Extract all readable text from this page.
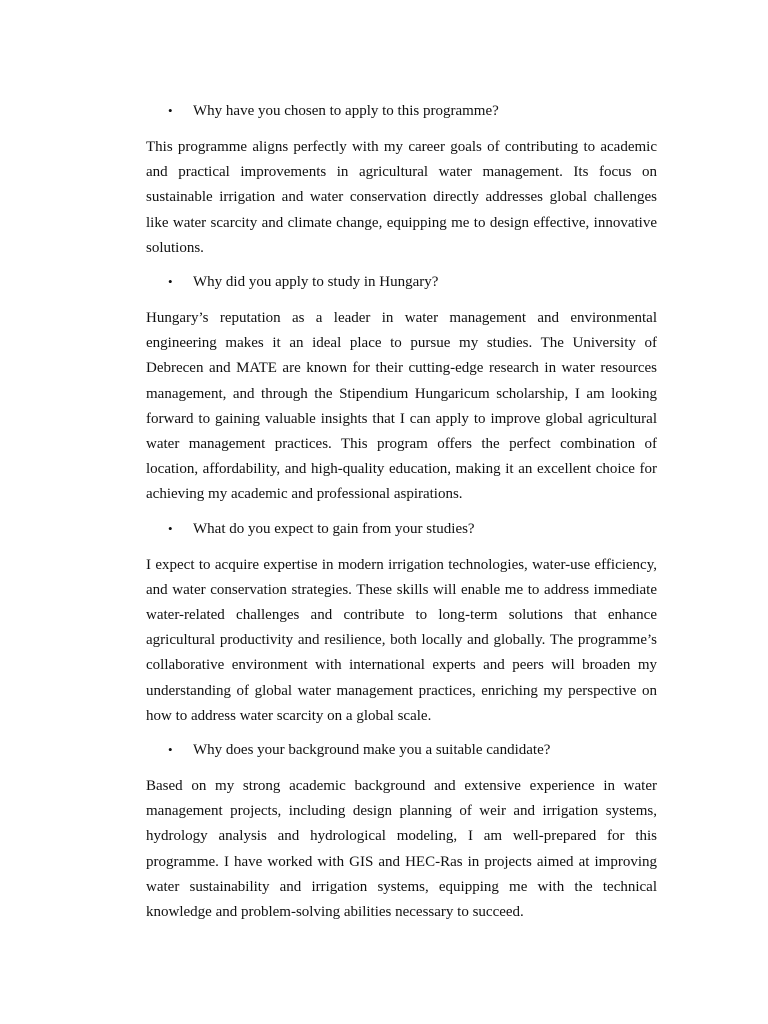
•	Why have you chosen to apply to this programme?

This programme aligns perfectly with my career goals of contributing to academic and practical improvements in agricultural water management. Its focus on sustainable irrigation and water conservation directly addresses global challenges like water scarcity and climate change, equipping me to design effective, innovative solutions.

•	Why did you apply to study in Hungary?

Hungary’s reputation as a leader in water management and environmental engineering makes it an ideal place to pursue my studies. The University of Debrecen and MATE are known for their cutting-edge research in water resources management, and through the Stipendium Hungaricum scholarship, I am looking forward to gaining valuable insights that I can apply to improve global agricultural water management practices. This program offers the perfect combination of location, affordability, and high-quality education, making it an excellent choice for achieving my academic and professional aspirations.

•	What do you expect to gain from your studies?

I expect to acquire expertise in modern irrigation technologies, water-use efficiency, and water conservation strategies. These skills will enable me to address immediate water-related challenges and contribute to long-term solutions that enhance agricultural productivity and resilience, both locally and globally. The programme’s collaborative environment with international experts and peers will broaden my understanding of global water management practices, enriching my perspective on how to address water scarcity on a global scale.

•	Why does your background make you a suitable candidate?

Based on my strong academic background and extensive experience in water management projects, including design planning of weir and irrigation systems, hydrology analysis and hydrological modeling, I am well-prepared for this programme. I have worked with GIS and HEC-Ras in projects aimed at improving water sustainability and irrigation systems, equipping me with the technical knowledge and problem-solving abilities necessary to succeed.
